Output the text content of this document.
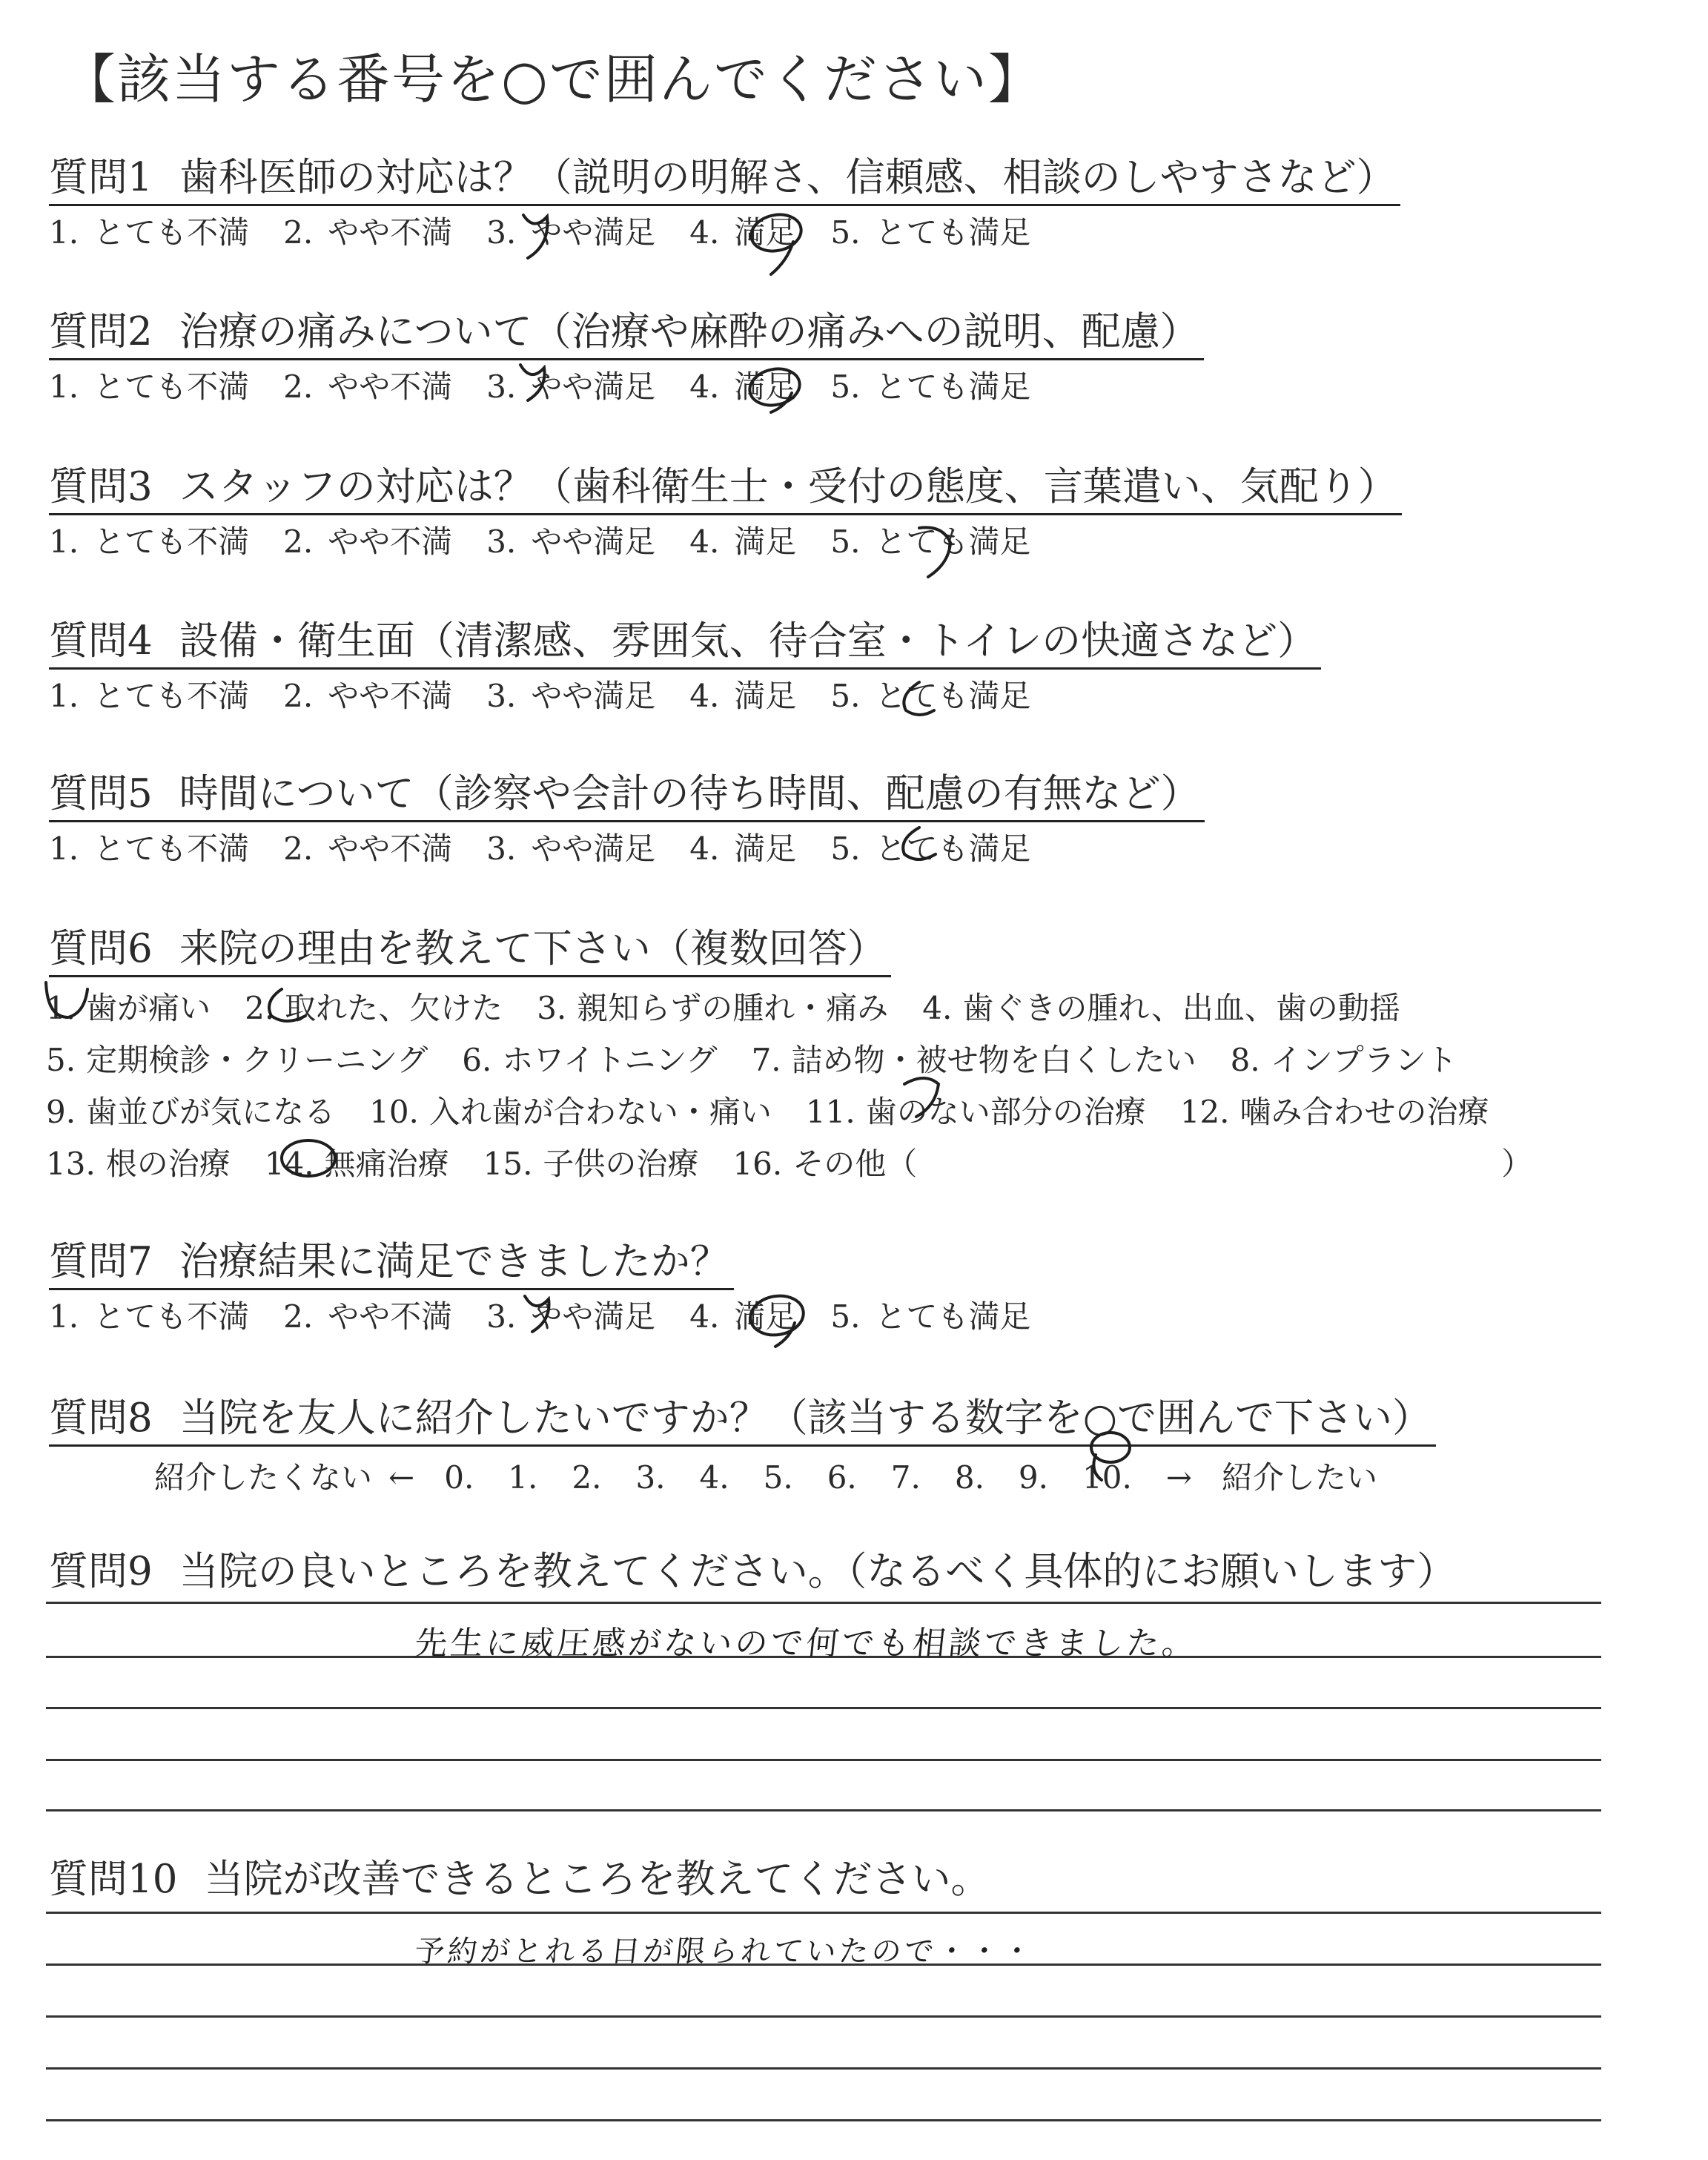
【該当する番号を○で囲んでください】
質問1 歯科医師の対応は？（説明の明解さ、信頼感、相談のしやすさなど）
1. とても不満 2. やや不満 3. やや満足 4. 満足 5. とても満足
質問2 治療の痛みについて（治療や麻酔の痛みへの説明、配慮）
1. とても不満 2. やや不満 3. やや満足 4. 満足 5. とても満足
質問3 スタッフの対応は？（歯科衛生士・受付の態度、言葉遣い、気配り）
1. とても不満 2. やや不満 3. やや満足 4. 満足 5. とても満足
質問4 設備・衛生面（清潔感、雰囲気、待合室・トイレの快適さなど）
1. とても不満 2. やや不満 3. やや満足 4. 満足 5. とても満足
質問5 時間について（診察や会計の待ち時間、配慮の有無など）
1. とても不満 2. やや不満 3. やや満足 4. 満足 5. とても満足
質問6 来院の理由を教えて下さい（複数回答）
1. 歯が痛い 2. 取れた、欠けた 3. 親知らずの腫れ・痛み 4. 歯ぐきの腫れ、出血、歯の動揺
5. 定期検診・クリーニング 6. ホワイトニング 7. 詰め物・被せ物を白くしたい 8. インプラント
9. 歯並びが気になる 10. 入れ歯が合わない・痛い 11. 歯のない部分の治療 12. 噛み合わせの治療
13. 根の治療 14. 無痛治療 15. 子供の治療 16. その他（	）
質問7 治療結果に満足できましたか？
1. とても不満 2. やや不満 3. やや満足 4. 満足 5. とても満足
質問8 当院を友人に紹介したいですか？（該当する数字を○で囲んで下さい）
紹介したくない ← 0. 1. 2. 3. 4. 5. 6. 7. 8. 9. 10. → 紹介したい
質問9 当院の良いところを教えてください。（なるべく具体的にお願いします）
先生に威圧感がないので何でも相談できました。
質問10 当院が改善できるところを教えてください。
予約がとれる日が限られていたので・・・
